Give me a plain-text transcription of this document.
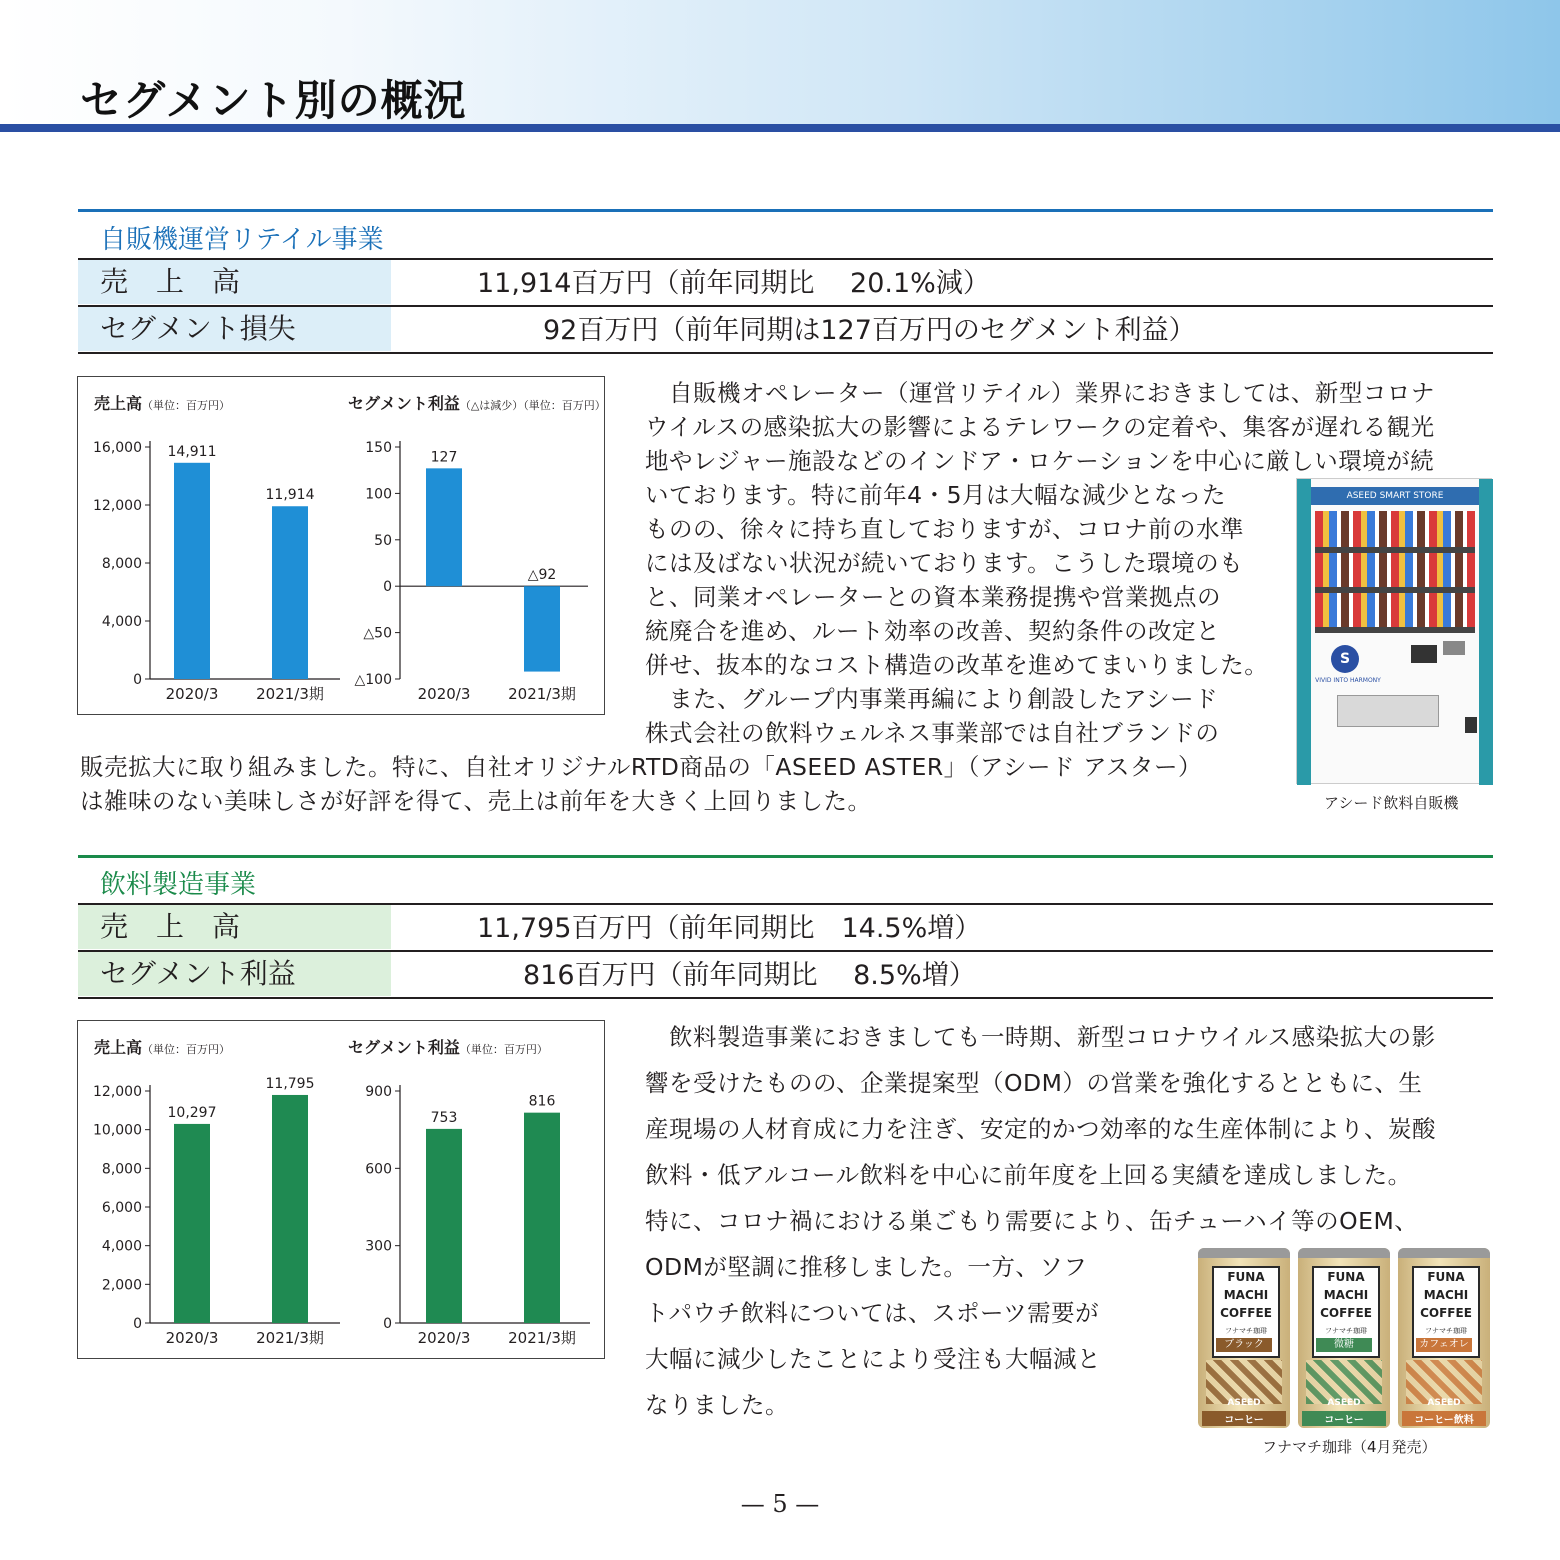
セグメント別の概況
自販機運営リテイル事業
売　上　高	11,914百万円（前年同期比　 20.1%減）
セグメント損失	92百万円（前年同期は127百万円のセグメント利益）
売上高（単位：百万円）
0
4,000
8,000
12,000
16,000 14,911
2020/3
11,914
2021/3期
セグメント利益（△は減少）（単位：百万円）
△100
△50
0
50
100
150
127
2020/3
△92
2021/3期
　自販機オペレーター（運営リテイル）業界におきましては、新型コロナ
ウイルスの感染拡大の影響によるテレワークの定着や、集客が遅れる観光
地やレジャー施設などのインドア・ロケーションを中心に厳しい環境が続
いております。特に前年4・5月は大幅な減少となった
ものの、徐々に持ち直しておりますが、コロナ前の水準
には及ばない状況が続いております。こうした環境のも
と、同業オペレーターとの資本業務提携や営業拠点の
統廃合を進め、ルート効率の改善、契約条件の改定と
併せ、抜本的なコスト構造の改革を進めてまいりました。
　また、グループ内事業再編により創設したアシード
株式会社の飲料ウェルネス事業部では自社ブランドの
販売拡大に取り組みました。特に、自社オリジナルRTD商品の「ASEED ASTER」（アシード アスター）
は雑味のない美味しさが好評を得て、売上は前年を大きく上回りました。
ASEED SMART STORE
S
VIVID INTO HARMONY
アシード飲料自販機
飲料製造事業
売　上　高	11,795百万円（前年同期比　14.5%増）
セグメント利益	816百万円（前年同期比　 8.5%増）
売上高（単位：百万円）
0
2,000
4,000
6,000
8,000
10,000
12,000
10,297
2020/3
11,795
2021/3期
セグメント利益（単位：百万円）
0
300
600
900
753
2020/3
816
2021/3期
　飲料製造事業におきましても一時期、新型コロナウイルス感染拡大の影
響を受けたものの、企業提案型（ODM）の営業を強化するとともに、生
産現場の人材育成に力を注ぎ、安定的かつ効率的な生産体制により、炭酸
飲料・低アルコール飲料を中心に前年度を上回る実績を達成しました。
特に、コロナ禍における巣ごもり需要により、缶チューハイ等のOEM、
ODMが堅調に推移しました。一方、ソフ
トパウチ飲料については、スポーツ需要が
大幅に減少したことにより受注も大幅減と
なりました。
FUNA
MACHI
COFFEE
フナマチ珈琲
ブラック
ASEED
コーヒー
FUNA
MACHI
COFFEE
フナマチ珈琲
微糖
ASEED
コーヒー
FUNA
MACHI
COFFEE
フナマチ珈琲
カフェオレ
ASEED
コーヒー飲料
フナマチ珈琲（4月発売）
— 5 —
